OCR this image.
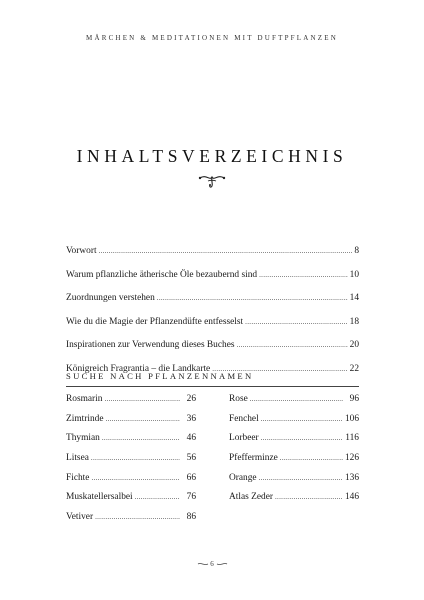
MÄRCHEN & MEDITATIONEN MIT DUFTPFLANZEN
INHALTSVERZEICHNIS
Vorwort .....	8
Warum pflanzliche ätherische Öle bezaubernd sind .....	10
Zuordnungen verstehen .....	14
Wie du die Magie der Pflanzendüfte entfesselst .....	18
Inspirationen zur Verwendung dieses Buches .....	20
Königreich Fragrantia – die Landkarte .....	22
SUCHE NACH PFLANZENNAMEN
Rosmarin .....	26
Zimtrinde .....	36
Thymian .....	46
Litsea .....	56
Fichte .....	66
Muskatellersalbei .....	76
Vetiver .....	86
Rose .....	96
Fenchel .....	106
Lorbeer .....	116
Pfefferminze .....	126
Orange .....	136
Atlas Zeder .....	146
6
